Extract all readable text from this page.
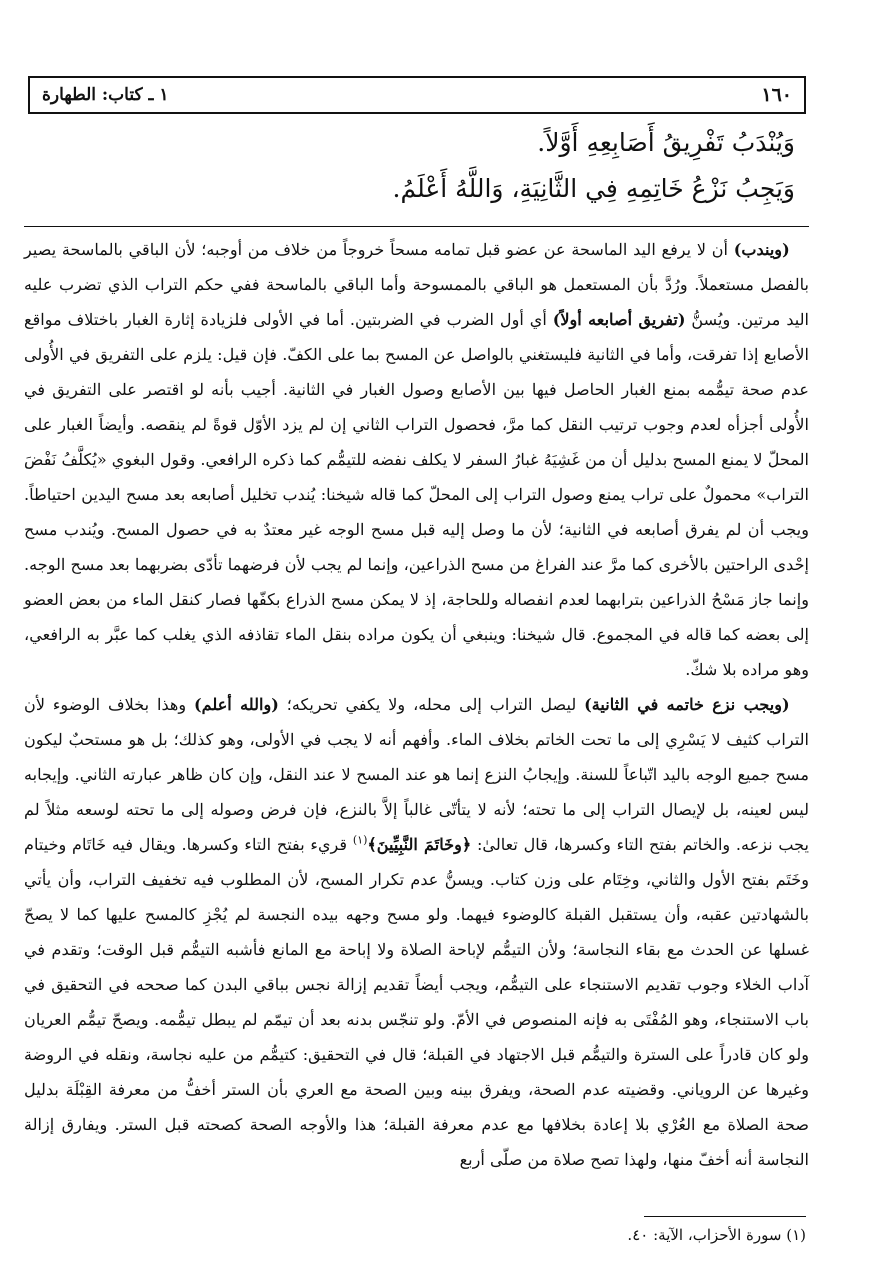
١٦٠
١ ـ كتاب: الطهارة

وَيُنْدَبُ تَفْرِيقُ أَصَابِعِهِ أَوَّلاً.

وَيَجِبُ نَزْعُ خَاتِمِهِ فِي الثَّانِيَةِ، وَاللَّهُ أَعْلَمُ.

(ويندب) أن لا يرفع اليد الماسحة عن عضو قبل تمامه مسحاً خروجاً من خلاف من أوجبه؛ لأن الباقي بالماسحة يصير بالفصل مستعملاً. ورُدَّ بأن المستعمل هو الباقي بالممسوحة وأما الباقي بالماسحة ففي حكم التراب الذي تضرب عليه اليد مرتين. ويُسنُّ (تفريق أصابعه أولاً) أي أول الضرب في الضربتين. أما في الأولى فلزيادة إثارة الغبار باختلاف مواقع الأصابع إذا تفرقت، وأما في الثانية فليستغني بالواصل عن المسح بما على الكفّ. فإن قيل: يلزم على التفريق في الأُولى عدم صحة تيمُّمه بمنع الغبار الحاصل فيها بين الأصابع وصول الغبار في الثانية. أجيب بأنه لو اقتصر على التفريق في الأُولى أجزأه لعدم وجوب ترتيب النقل كما مرَّ، فحصول التراب الثاني إن لم يزد الأوّل قوةً لم ينقصه. وأيضاً الغبار على المحلّ لا يمنع المسح بدليل أن من غَشِيَهُ غبارُ السفر لا يكلف نفضه للتيمُّم كما ذكره الرافعي. وقول البغوي «يُكلَّفُ نَفْضَ التراب» محمولٌ على تراب يمنع وصول التراب إلى المحلّ كما قاله شيخنا: يُندب تخليل أصابعه بعد مسح اليدين احتياطاً. ويجب أن لم يفرق أصابعه في الثانية؛ لأن ما وصل إليه قبل مسح الوجه غير معتدٌ به في حصول المسح. ويُندب مسح إحْدى الراحتين بالأخرى كما مرَّ عند الفراغ من مسح الذراعين، وإنما لم يجب لأن فرضهما تأدّى بضربهما بعد مسح الوجه. وإنما جاز مَسْحُ الذراعين بترابهما لعدم انفصاله وللحاجة، إذ لا يمكن مسح الذراع بكفّها فصار كنقل الماء من بعض العضو إلى بعضه كما قاله في المجموع. قال شيخنا: وينبغي أن يكون مراده بنقل الماء تقاذفه الذي يغلب كما عبَّر به الرافعي، وهو مراده بلا شكّ.

(ويجب نزع خاتمه في الثانية) ليصل التراب إلى محله، ولا يكفي تحريكه؛ (والله أعلم) وهذا بخلاف الوضوء لأن التراب كثيف لا يَسْرِي إلى ما تحت الخاتم بخلاف الماء. وأفهم أنه لا يجب في الأولى، وهو كذلك؛ بل هو مستحبٌ ليكون مسح جميع الوجه باليد اتّباعاً للسنة. وإيجابُ النزع إنما هو عند المسح لا عند النقل، وإن كان ظاهر عبارته الثاني. وإيجابه ليس لعينه، بل لإيصال التراب إلى ما تحته؛ لأنه لا يتأتّى غالباً إلاَّ بالنزع، فإن فرض وصوله إلى ما تحته لوسعه مثلاً لم يجب نزعه. والخاتم بفتح التاء وكسرها، قال تعالىٰ: ﴿وخَاتَمَ النَّبِيِّينَ﴾$^{(١)}$ قريء بفتح التاء وكسرها. ويقال فيه خَاتَام وخيتام وخَتَم بفتح الأول والثاني، وخِتَام على وزن كتاب. ويسنُّ عدم تكرار المسح، لأن المطلوب فيه تخفيف التراب، وأن يأتي بالشهادتين عقبه، وأن يستقبل القبلة كالوضوء فيهما. ولو مسح وجهه بيده النجسة لم يُجْزِ كالمسح عليها كما لا يصحّ غسلها عن الحدث مع بقاء النجاسة؛ ولأن التيمُّم لإباحة الصلاة ولا إباحة مع المانع فأشبه التيمُّم قبل الوقت؛ وتقدم في آداب الخلاء وجوب تقديم الاستنجاء على التيمُّم، ويجب أيضاً تقديم إزالة نجس بباقي البدن كما صححه في التحقيق في باب الاستنجاء، وهو المُفْتَى به فإنه المنصوص في الأمّ. ولو تنجّس بدنه بعد أن تيمّم لم يبطل تيمُّمه. ويصحّ تيمُّم العريان ولو كان قادراً على السترة والتيمُّم قبل الاجتهاد في القبلة؛ قال في التحقيق: كتيمُّم من عليه نجاسة، ونقله في الروضة وغيرها عن الروياني. وقضيته عدم الصحة، ويفرق بينه وبين الصحة مع العري بأن الستر أخفُّ من معرفة القِبْلَة بدليل صحة الصلاة مع العُرْي بلا إعادة بخلافها مع عدم معرفة القبلة؛ هذا والأوجه الصحة كصحته قبل الستر. ويفارق إزالة النجاسة أنه أخفّ منها، ولهذا تصح صلاة من صلّى أربع

(١) سورة الأحزاب، الآية: ٤٠.
